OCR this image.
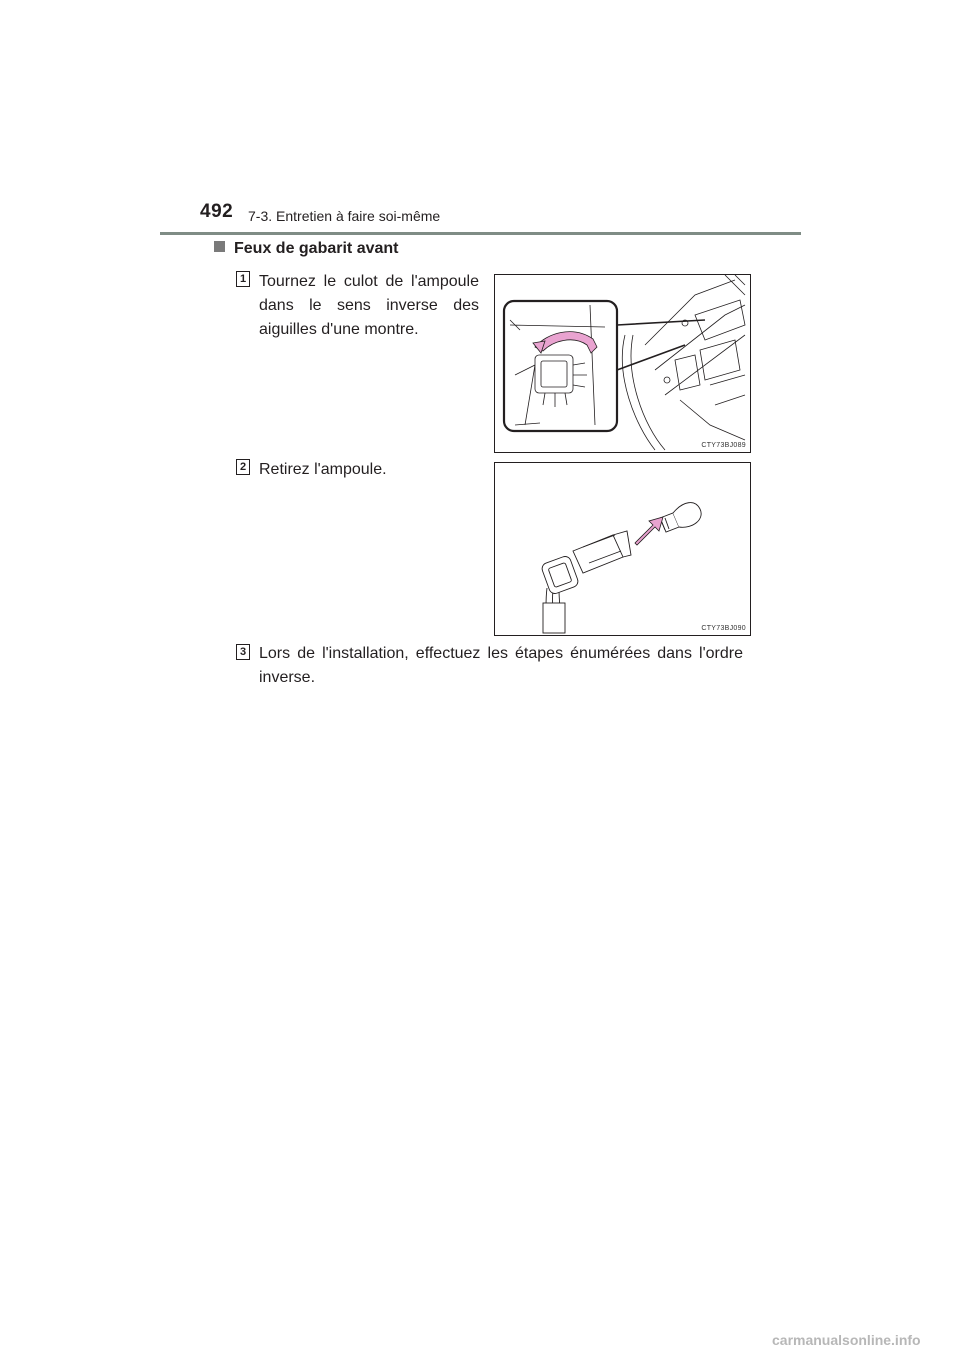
492 7-3. Entretien à faire soi-même
Feux de gabarit avant
1 Tournez le culot de l'ampoule dans le sens inverse des aiguilles d'une montre.
CTY73BJ089
2 Retirez l'ampoule.
CTY73BJ090
3 Lors de l'installation, effectuez les étapes énumérées dans l'ordre inverse.
carmanualsonline.info
